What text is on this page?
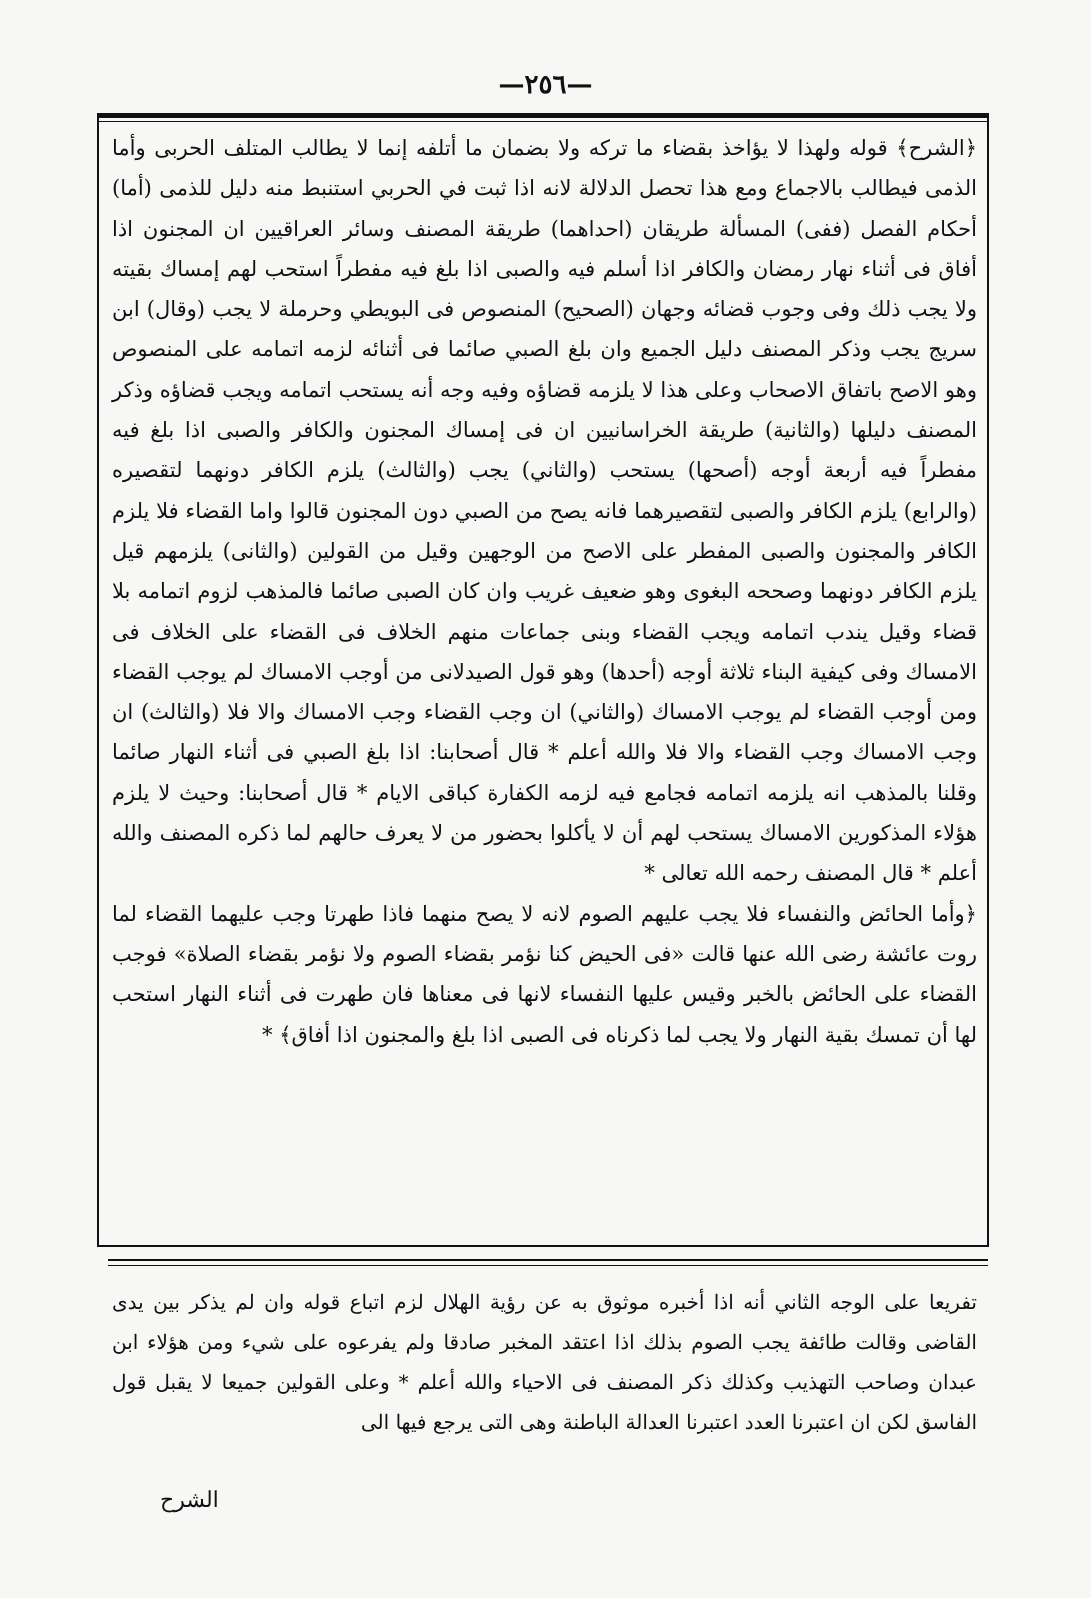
—٢٥٦—

﴿الشرح﴾ قوله ولهذا لا يؤاخذ بقضاء ما تركه ولا بضمان ما أتلفه إنما لا يطالب المتلف الحربى وأما الذمى فيطالب بالاجماع ومع هذا تحصل الدلالة لانه اذا ثبت في الحربي استنبط منه دليل للذمى (أما) أحكام الفصل (ففى) المسألة طريقان (احداهما) طريقة المصنف وسائر العراقيين ان المجنون اذا أفاق فى أثناء نهار رمضان والكافر اذا أسلم فيه والصبى اذا بلغ فيه مفطراً استحب لهم إمساك بقيته ولا يجب ذلك وفى وجوب قضائه وجهان (الصحيح) المنصوص فى البويطي وحرملة لا يجب (وقال) ابن سريج يجب وذكر المصنف دليل الجميع وان بلغ الصبي صائما فى أثنائه لزمه اتمامه على المنصوص وهو الاصح باتفاق الاصحاب وعلى هذا لا يلزمه قضاؤه وفيه وجه أنه يستحب اتمامه ويجب قضاؤه وذكر المصنف دليلها (والثانية) طريقة الخراسانيين ان فى إمساك المجنون والكافر والصبى اذا بلغ فيه مفطراً فيه أربعة أوجه (أصحها) يستحب (والثاني) يجب (والثالث) يلزم الكافر دونهما لتقصيره (والرابع) يلزم الكافر والصبى لتقصيرهما فانه يصح من الصبي دون المجنون قالوا واما القضاء فلا يلزم الكافر والمجنون والصبى المفطر على الاصح من الوجهين وقيل من القولين (والثانى) يلزمهم قيل يلزم الكافر دونهما وصححه البغوى وهو ضعيف غريب وان كان الصبى صائما فالمذهب لزوم اتمامه بلا قضاء وقيل يندب اتمامه ويجب القضاء وبنى جماعات منهم الخلاف فى القضاء على الخلاف فى الامساك وفى كيفية البناء ثلاثة أوجه (أحدها) وهو قول الصيدلانى من أوجب الامساك لم يوجب القضاء ومن أوجب القضاء لم يوجب الامساك (والثاني) ان وجب القضاء وجب الامساك والا فلا (والثالث) ان وجب الامساك وجب القضاء والا فلا والله أعلم * قال أصحابنا: اذا بلغ الصبي فى أثناء النهار صائما وقلنا بالمذهب انه يلزمه اتمامه فجامع فيه لزمه الكفارة كباقى الايام * قال أصحابنا: وحيث لا يلزم هؤلاء المذكورين الامساك يستحب لهم أن لا يأكلوا بحضور من لا يعرف حالهم لما ذكره المصنف والله أعلم * قال المصنف رحمه الله تعالى *

﴿وأما الحائض والنفساء فلا يجب عليهم الصوم لانه لا يصح منهما فاذا طهرتا وجب عليهما القضاء لما روت عائشة رضى الله عنها قالت «فى الحيض كنا نؤمر بقضاء الصوم ولا نؤمر بقضاء الصلاة» فوجب القضاء على الحائض بالخبر وقيس عليها النفساء لانها فى معناها فان طهرت فى أثناء النهار استحب لها أن تمسك بقية النهار ولا يجب لما ذكرناه فى الصبى اذا بلغ والمجنون اذا أفاق﴾ *

تفريعا على الوجه الثاني أنه اذا أخبره موثوق به عن رؤية الهلال لزم اتباع قوله وان لم يذكر بين يدى القاضى وقالت طائفة يجب الصوم بذلك اذا اعتقد المخبر صادقا ولم يفرعوه على شيء ومن هؤلاء ابن عبدان وصاحب التهذيب وكذلك ذكر المصنف فى الاحياء والله أعلم * وعلى القولين جميعا لا يقبل قول الفاسق لكن ان اعتبرنا العدد اعتبرنا العدالة الباطنة وهى التى يرجع فيها الى
الشرح
